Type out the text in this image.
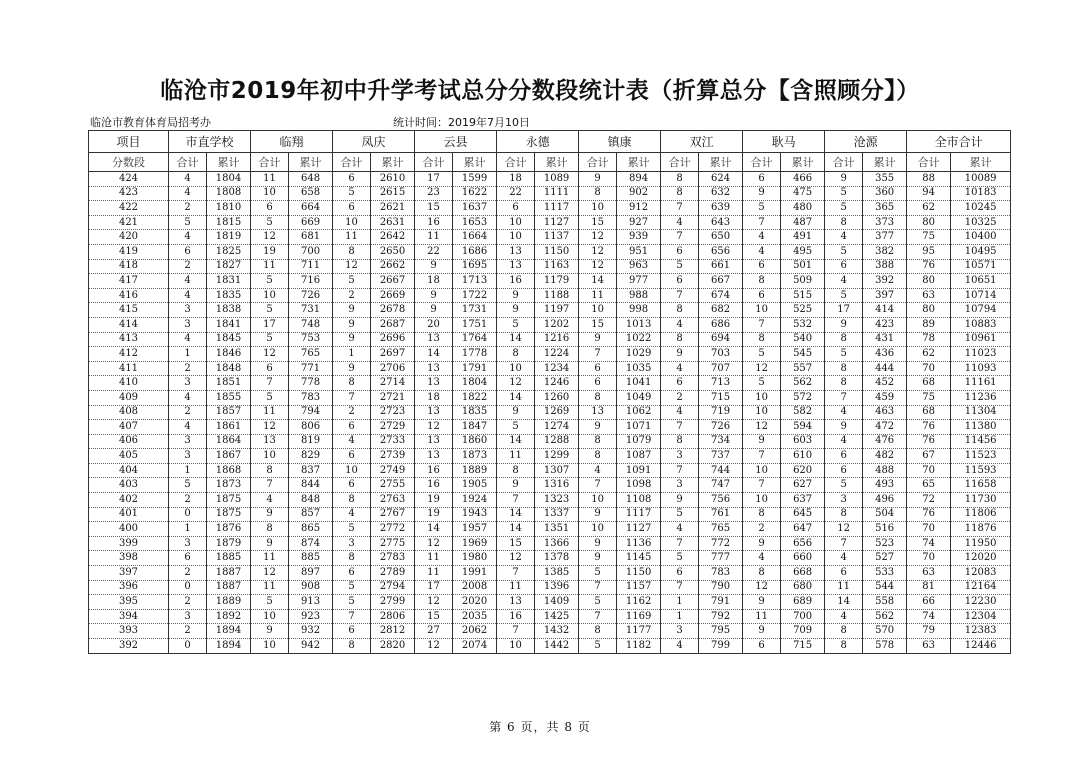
临沧市2019年初中升学考试总分分数段统计表（折算总分【含照顾分】）
临沧市教育体育局招考办	统计时间：2019年7月10日
项目	市直学校		临翔		凤庆		云县		永德		镇康		双江		耿马		沧源		全市合计	
分数段	合计	累计	合计	累计	合计	累计	合计	累计	合计	累计	合计	累计	合计	累计	合计	累计	合计	累计	合计	累计
424	4	1804	11	648	6	2610	17	1599	18	1089	9	894	8	624	6	466	9	355	88	10089
423	4	1808	10	658	5	2615	23	1622	22	1111	8	902	8	632	9	475	5	360	94	10183
422	2	1810	6	664	6	2621	15	1637	6	1117	10	912	7	639	5	480	5	365	62	10245
421	5	1815	5	669	10	2631	16	1653	10	1127	15	927	4	643	7	487	8	373	80	10325
420	4	1819	12	681	11	2642	11	1664	10	1137	12	939	7	650	4	491	4	377	75	10400
419	6	1825	19	700	8	2650	22	1686	13	1150	12	951	6	656	4	495	5	382	95	10495
418	2	1827	11	711	12	2662	9	1695	13	1163	12	963	5	661	6	501	6	388	76	10571
417	4	1831	5	716	5	2667	18	1713	16	1179	14	977	6	667	8	509	4	392	80	10651
416	4	1835	10	726	2	2669	9	1722	9	1188	11	988	7	674	6	515	5	397	63	10714
415	3	1838	5	731	9	2678	9	1731	9	1197	10	998	8	682	10	525	17	414	80	10794
414	3	1841	17	748	9	2687	20	1751	5	1202	15	1013	4	686	7	532	9	423	89	10883
413	4	1845	5	753	9	2696	13	1764	14	1216	9	1022	8	694	8	540	8	431	78	10961
412	1	1846	12	765	1	2697	14	1778	8	1224	7	1029	9	703	5	545	5	436	62	11023
411	2	1848	6	771	9	2706	13	1791	10	1234	6	1035	4	707	12	557	8	444	70	11093
410	3	1851	7	778	8	2714	13	1804	12	1246	6	1041	6	713	5	562	8	452	68	11161
409	4	1855	5	783	7	2721	18	1822	14	1260	8	1049	2	715	10	572	7	459	75	11236
408	2	1857	11	794	2	2723	13	1835	9	1269	13	1062	4	719	10	582	4	463	68	11304
407	4	1861	12	806	6	2729	12	1847	5	1274	9	1071	7	726	12	594	9	472	76	11380
406	3	1864	13	819	4	2733	13	1860	14	1288	8	1079	8	734	9	603	4	476	76	11456
405	3	1867	10	829	6	2739	13	1873	11	1299	8	1087	3	737	7	610	6	482	67	11523
404	1	1868	8	837	10	2749	16	1889	8	1307	4	1091	7	744	10	620	6	488	70	11593
403	5	1873	7	844	6	2755	16	1905	9	1316	7	1098	3	747	7	627	5	493	65	11658
402	2	1875	4	848	8	2763	19	1924	7	1323	10	1108	9	756	10	637	3	496	72	11730
401	0	1875	9	857	4	2767	19	1943	14	1337	9	1117	5	761	8	645	8	504	76	11806
400	1	1876	8	865	5	2772	14	1957	14	1351	10	1127	4	765	2	647	12	516	70	11876
399	3	1879	9	874	3	2775	12	1969	15	1366	9	1136	7	772	9	656	7	523	74	11950
398	6	1885	11	885	8	2783	11	1980	12	1378	9	1145	5	777	4	660	4	527	70	12020
397	2	1887	12	897	6	2789	11	1991	7	1385	5	1150	6	783	8	668	6	533	63	12083
396	0	1887	11	908	5	2794	17	2008	11	1396	7	1157	7	790	12	680	11	544	81	12164
395	2	1889	5	913	5	2799	12	2020	13	1409	5	1162	1	791	9	689	14	558	66	12230
394	3	1892	10	923	7	2806	15	2035	16	1425	7	1169	1	792	11	700	4	562	74	12304
393	2	1894	9	932	6	2812	27	2062	7	1432	8	1177	3	795	9	709	8	570	79	12383
392	0	1894	10	942	8	2820	12	2074	10	1442	5	1182	4	799	6	715	8	578	63	12446
第 6 页，共 8 页
